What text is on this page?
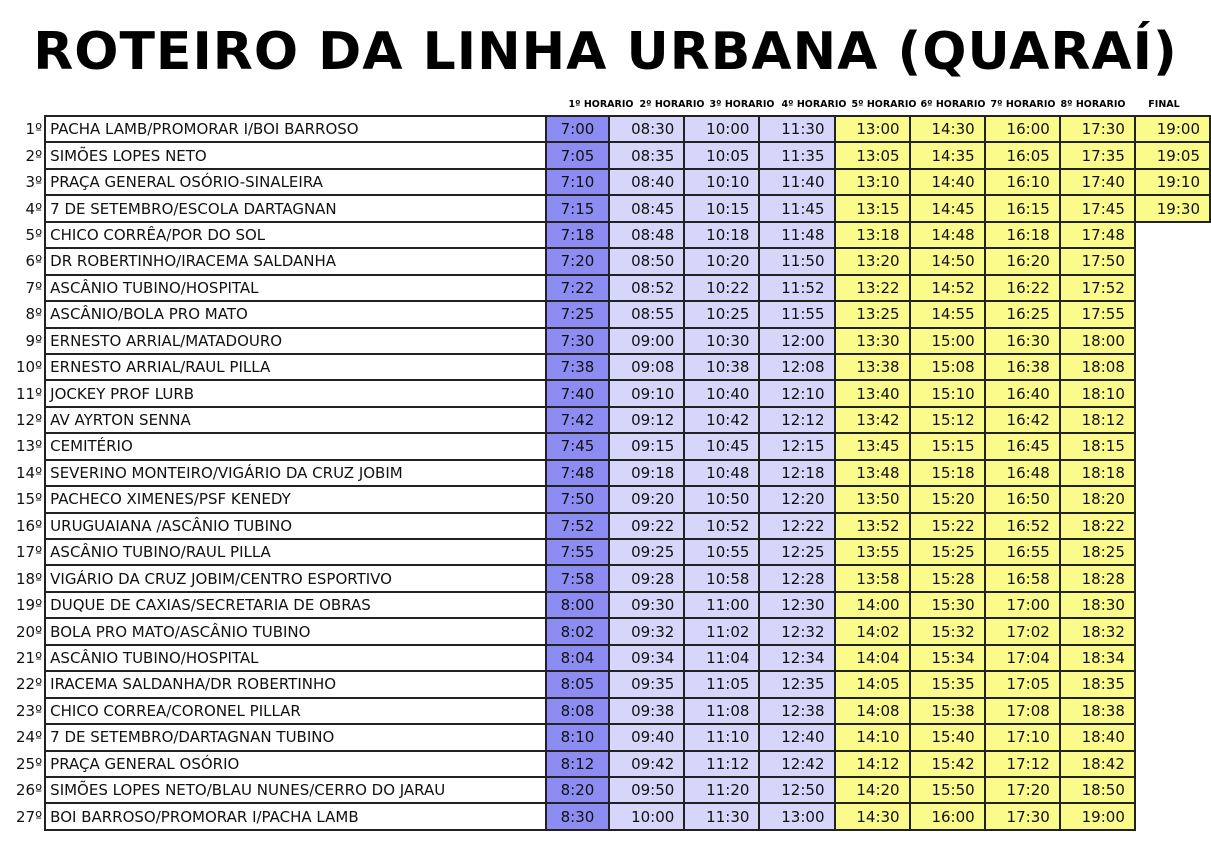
ROTEIRO DA LINHA URBANA (QUARAÍ)
1º HORARIO 2º HORARIO 3º HORARIO 4º HORARIO 5º HORARIO 6º HORARIO 7º HORARIO 8º HORARIO	FINAL
1º	PACHA LAMB/PROMORAR I/BOI BARROSO	7:00	08:30	10:00	11:30	13:00	14:30	16:00	17:30	19:00
2º	SIMÕES LOPES NETO	7:05	08:35	10:05	11:35	13:05	14:35	16:05	17:35	19:05
3º	PRAÇA GENERAL OSÓRIO-SINALEIRA	7:10	08:40	10:10	11:40	13:10	14:40	16:10	17:40	19:10
4º	7 DE SETEMBRO/ESCOLA DARTAGNAN	7:15	08:45	10:15	11:45	13:15	14:45	16:15	17:45	19:30
5º	CHICO CORRÊA/POR DO SOL	7:18	08:48	10:18	11:48	13:18	14:48	16:18	17:48	
6º	DR ROBERTINHO/IRACEMA SALDANHA	7:20	08:50	10:20	11:50	13:20	14:50	16:20	17:50	
7º	ASCÂNIO TUBINO/HOSPITAL	7:22	08:52	10:22	11:52	13:22	14:52	16:22	17:52	
8º	ASCÂNIO/BOLA PRO MATO	7:25	08:55	10:25	11:55	13:25	14:55	16:25	17:55	
9º	ERNESTO ARRIAL/MATADOURO	7:30	09:00	10:30	12:00	13:30	15:00	16:30	18:00	
10º	ERNESTO ARRIAL/RAUL PILLA	7:38	09:08	10:38	12:08	13:38	15:08	16:38	18:08	
11º	JOCKEY PROF LURB	7:40	09:10	10:40	12:10	13:40	15:10	16:40	18:10	
12º	AV AYRTON SENNA	7:42	09:12	10:42	12:12	13:42	15:12	16:42	18:12	
13º	CEMITÉRIO	7:45	09:15	10:45	12:15	13:45	15:15	16:45	18:15	
14º	SEVERINO MONTEIRO/VIGÁRIO DA CRUZ JOBIM	7:48	09:18	10:48	12:18	13:48	15:18	16:48	18:18	
15º	PACHECO XIMENES/PSF KENEDY	7:50	09:20	10:50	12:20	13:50	15:20	16:50	18:20	
16º	URUGUAIANA /ASCÂNIO TUBINO	7:52	09:22	10:52	12:22	13:52	15:22	16:52	18:22	
17º	ASCÂNIO TUBINO/RAUL PILLA	7:55	09:25	10:55	12:25	13:55	15:25	16:55	18:25	
18º	VIGÁRIO DA CRUZ JOBIM/CENTRO ESPORTIVO	7:58	09:28	10:58	12:28	13:58	15:28	16:58	18:28	
19º	DUQUE DE CAXIAS/SECRETARIA DE OBRAS	8:00	09:30	11:00	12:30	14:00	15:30	17:00	18:30	
20º	BOLA PRO MATO/ASCÂNIO TUBINO	8:02	09:32	11:02	12:32	14:02	15:32	17:02	18:32	
21º	ASCÂNIO TUBINO/HOSPITAL	8:04	09:34	11:04	12:34	14:04	15:34	17:04	18:34	
22º	IRACEMA SALDANHA/DR ROBERTINHO	8:05	09:35	11:05	12:35	14:05	15:35	17:05	18:35	
23º	CHICO CORREA/CORONEL PILLAR	8:08	09:38	11:08	12:38	14:08	15:38	17:08	18:38	
24º	7 DE SETEMBRO/DARTAGNAN TUBINO	8:10	09:40	11:10	12:40	14:10	15:40	17:10	18:40	
25º	PRAÇA GENERAL OSÓRIO	8:12	09:42	11:12	12:42	14:12	15:42	17:12	18:42	
26º	SIMÕES LOPES NETO/BLAU NUNES/CERRO DO JARAU	8:20	09:50	11:20	12:50	14:20	15:50	17:20	18:50	
27º	BOI BARROSO/PROMORAR I/PACHA LAMB	8:30	10:00	11:30	13:00	14:30	16:00	17:30	19:00	
